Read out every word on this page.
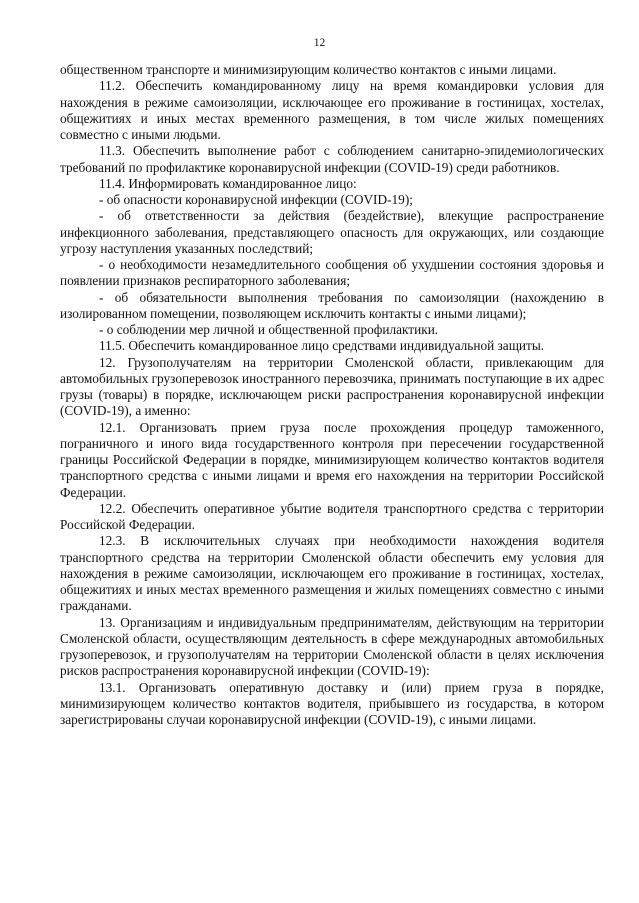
12

общественном транспорте и минимизирующим количество контактов с иными лицами.

11.2. Обеспечить командированному лицу на время командировки условия для нахождения в режиме самоизоляции, исключающее его проживание в гостиницах, хостелах, общежитиях и иных местах временного размещения, в том числе жилых помещениях совместно с иными людьми.

11.3. Обеспечить выполнение работ с соблюдением санитарно-эпидемиологических требований по профилактике коронавирусной инфекции (COVID-19) среди работников.

11.4. Информировать командированное лицо:

- об опасности коронавирусной инфекции (COVID-19);

- об ответственности за действия (бездействие), влекущие распространение инфекционного заболевания, представляющего опасность для окружающих, или создающие угрозу наступления указанных последствий;

- о необходимости незамедлительного сообщения об ухудшении состояния здоровья и появлении признаков респираторного заболевания;

- об обязательности выполнения требования по самоизоляции (нахождению в изолированном помещении, позволяющем исключить контакты с иными лицами);

- о соблюдении мер личной и общественной профилактики.

11.5. Обеспечить командированное лицо средствами индивидуальной защиты.

12. Грузополучателям на территории Смоленской области, привлекающим для автомобильных грузоперевозок иностранного перевозчика, принимать поступающие в их адрес грузы (товары) в порядке, исключающем риски распространения коронавирусной инфекции (COVID-19), а именно:

12.1. Организовать прием груза после прохождения процедур таможенного, пограничного и иного вида государственного контроля при пересечении государственной границы Российской Федерации в порядке, минимизирующем количество контактов водителя транспортного средства с иными лицами и время его нахождения на территории Российской Федерации.

12.2. Обеспечить оперативное убытие водителя транспортного средства с территории Российской Федерации.

12.3. В исключительных случаях при необходимости нахождения водителя транспортного средства на территории Смоленской области обеспечить ему условия для нахождения в режиме самоизоляции, исключающем его проживание в гостиницах, хостелах, общежитиях и иных местах временного размещения и жилых помещениях совместно с иными гражданами.

13. Организациям и индивидуальным предпринимателям, действующим на территории Смоленской области, осуществляющим деятельность в сфере международных автомобильных грузоперевозок, и грузополучателям на территории Смоленской области в целях исключения рисков распространения коронавирусной инфекции (COVID-19):

13.1. Организовать оперативную доставку и (или) прием груза в порядке, минимизирующем количество контактов водителя, прибывшего из государства, в котором зарегистрированы случаи коронавирусной инфекции (COVID-19), с иными лицами.
